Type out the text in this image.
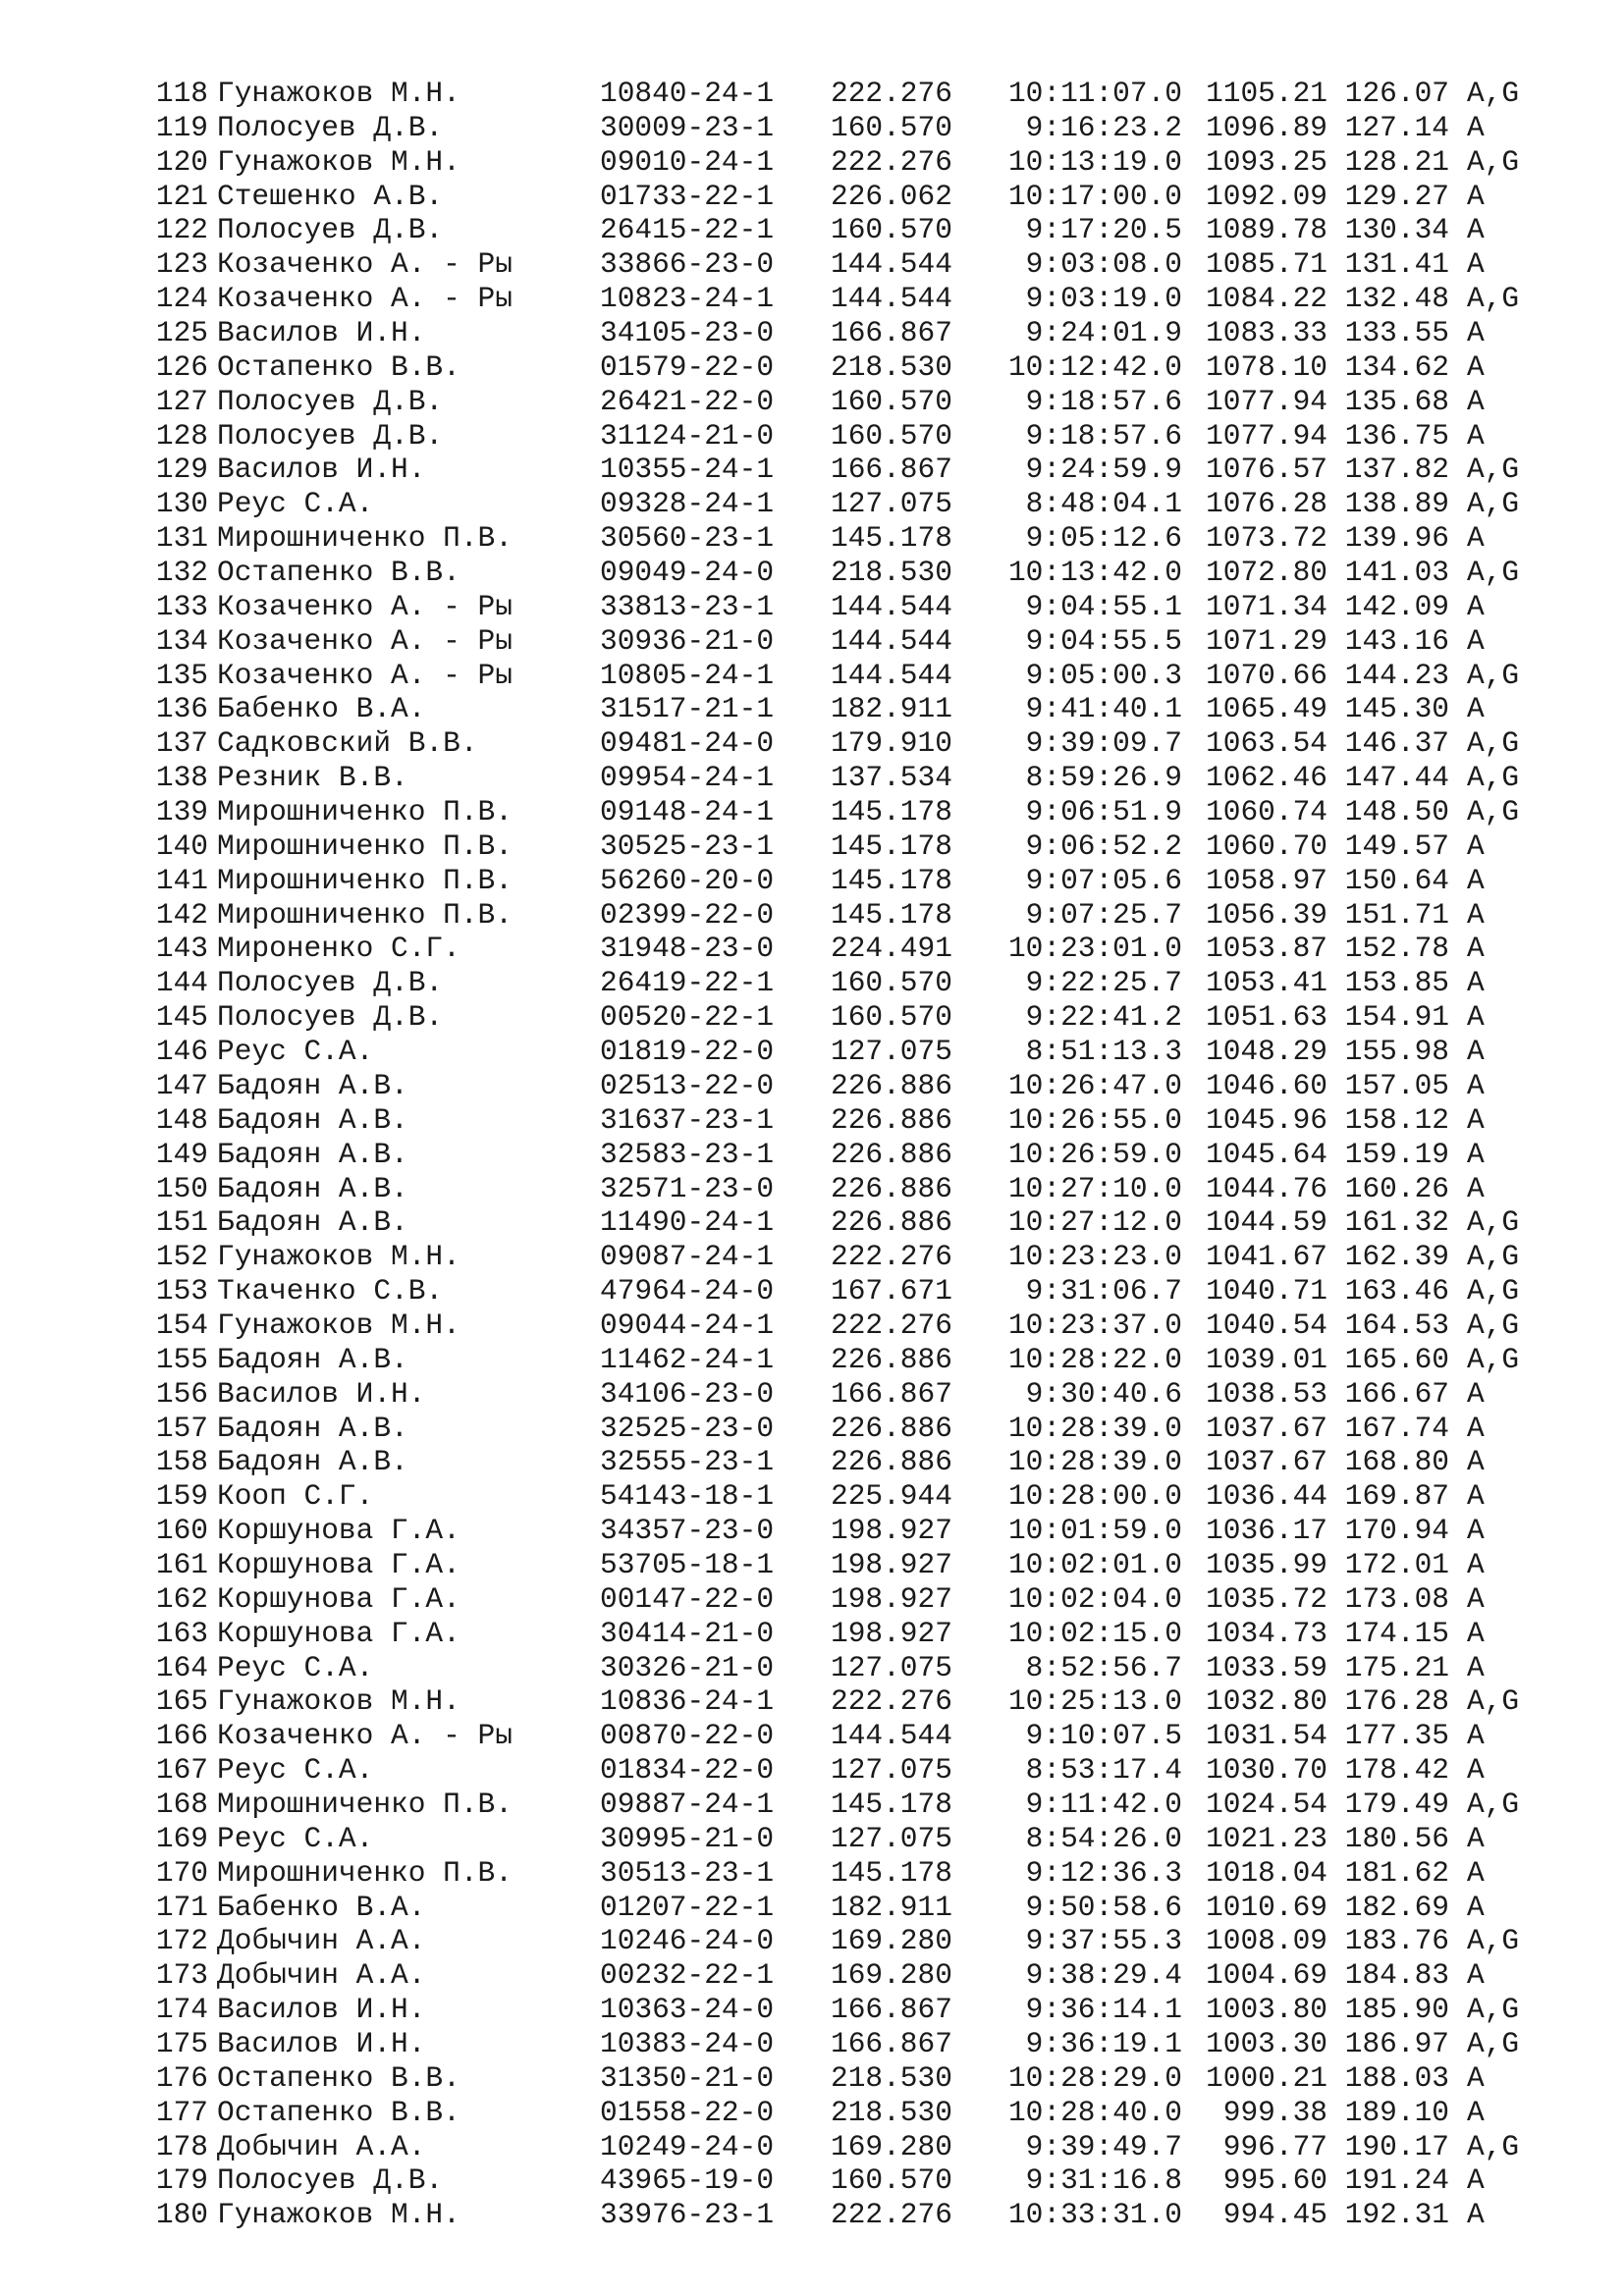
118 Гунажоков М.Н.	10840-24-1 222.276	10:11:07.0 1105.21 126.07 A,G
119 Полосуев Д.В.	30009-23-1 160.570	9:16:23.2 1096.89 127.14 A
120 Гунажоков М.Н.	09010-24-1 222.276	10:13:19.0 1093.25 128.21 A,G
121 Стешенко А.В.	01733-22-1 226.062	10:17:00.0 1092.09 129.27 A
122 Полосуев Д.В.	26415-22-1 160.570	9:17:20.5 1089.78 130.34 A
123 Козаченко А. - Ры	33866-23-0 144.544	9:03:08.0 1085.71 131.41 A
124 Козаченко А. - Ры	10823-24-1 144.544	9:03:19.0 1084.22 132.48 A,G
125 Василов И.Н.	34105-23-0 166.867	9:24:01.9 1083.33 133.55 A
126 Остапенко В.В.	01579-22-0 218.530	10:12:42.0 1078.10 134.62 A
127 Полосуев Д.В.	26421-22-0 160.570	9:18:57.6 1077.94 135.68 A
128 Полосуев Д.В.	31124-21-0 160.570	9:18:57.6 1077.94 136.75 A
129 Василов И.Н.	10355-24-1 166.867	9:24:59.9 1076.57 137.82 A,G
130 Реус С.А.	09328-24-1 127.075	8:48:04.1 1076.28 138.89 A,G
131 Мирошниченко П.В.	30560-23-1 145.178	9:05:12.6 1073.72 139.96 A
132 Остапенко В.В.	09049-24-0 218.530	10:13:42.0 1072.80 141.03 A,G
133 Козаченко А. - Ры	33813-23-1 144.544	9:04:55.1 1071.34 142.09 A
134 Козаченко А. - Ры	30936-21-0 144.544	9:04:55.5 1071.29 143.16 A
135 Козаченко А. - Ры	10805-24-1 144.544	9:05:00.3 1070.66 144.23 A,G
136 Бабенко В.А.	31517-21-1 182.911	9:41:40.1 1065.49 145.30 A
137 Садковский В.В.	09481-24-0 179.910	9:39:09.7 1063.54 146.37 A,G
138 Резник В.В.	09954-24-1 137.534	8:59:26.9 1062.46 147.44 A,G
139 Мирошниченко П.В.	09148-24-1 145.178	9:06:51.9 1060.74 148.50 A,G
140 Мирошниченко П.В.	30525-23-1 145.178	9:06:52.2 1060.70 149.57 A
141 Мирошниченко П.В.	56260-20-0 145.178	9:07:05.6 1058.97 150.64 A
142 Мирошниченко П.В.	02399-22-0 145.178	9:07:25.7 1056.39 151.71 A
143 Мироненко С.Г.	31948-23-0 224.491	10:23:01.0 1053.87 152.78 A
144 Полосуев Д.В.	26419-22-1 160.570	9:22:25.7 1053.41 153.85 A
145 Полосуев Д.В.	00520-22-1 160.570	9:22:41.2 1051.63 154.91 A
146 Реус С.А.	01819-22-0 127.075	8:51:13.3 1048.29 155.98 A
147 Бадоян А.В.	02513-22-0 226.886	10:26:47.0 1046.60 157.05 A
148 Бадоян А.В.	31637-23-1 226.886	10:26:55.0 1045.96 158.12 A
149 Бадоян А.В.	32583-23-1 226.886	10:26:59.0 1045.64 159.19 A
150 Бадоян А.В.	32571-23-0 226.886	10:27:10.0 1044.76 160.26 A
151 Бадоян А.В.	11490-24-1 226.886	10:27:12.0 1044.59 161.32 A,G
152 Гунажоков М.Н.	09087-24-1 222.276	10:23:23.0 1041.67 162.39 A,G
153 Ткаченко С.В.	47964-24-0 167.671	9:31:06.7 1040.71 163.46 A,G
154 Гунажоков М.Н.	09044-24-1 222.276	10:23:37.0 1040.54 164.53 A,G
155 Бадоян А.В.	11462-24-1 226.886	10:28:22.0 1039.01 165.60 A,G
156 Василов И.Н.	34106-23-0 166.867	9:30:40.6 1038.53 166.67 A
157 Бадоян А.В.	32525-23-0 226.886	10:28:39.0 1037.67 167.74 A
158 Бадоян А.В.	32555-23-1 226.886	10:28:39.0 1037.67 168.80 A
159 Кооп С.Г.	54143-18-1 225.944	10:28:00.0 1036.44 169.87 A
160 Коршунова Г.А.	34357-23-0 198.927	10:01:59.0 1036.17 170.94 A
161 Коршунова Г.А.	53705-18-1 198.927	10:02:01.0 1035.99 172.01 A
162 Коршунова Г.А.	00147-22-0 198.927	10:02:04.0 1035.72 173.08 A
163 Коршунова Г.А.	30414-21-0 198.927	10:02:15.0 1034.73 174.15 A
164 Реус С.А.	30326-21-0 127.075	8:52:56.7 1033.59 175.21 A
165 Гунажоков М.Н.	10836-24-1 222.276	10:25:13.0 1032.80 176.28 A,G
166 Козаченко А. - Ры	00870-22-0 144.544	9:10:07.5 1031.54 177.35 A
167 Реус С.А.	01834-22-0 127.075	8:53:17.4 1030.70 178.42 A
168 Мирошниченко П.В.	09887-24-1 145.178	9:11:42.0 1024.54 179.49 A,G
169 Реус С.А.	30995-21-0 127.075	8:54:26.0 1021.23 180.56 A
170 Мирошниченко П.В.	30513-23-1 145.178	9:12:36.3 1018.04 181.62 A
171 Бабенко В.А.	01207-22-1 182.911	9:50:58.6 1010.69 182.69 A
172 Добычин А.А.	10246-24-0 169.280	9:37:55.3 1008.09 183.76 A,G
173 Добычин А.А.	00232-22-1 169.280	9:38:29.4 1004.69 184.83 A
174 Василов И.Н.	10363-24-0 166.867	9:36:14.1 1003.80 185.90 A,G
175 Василов И.Н.	10383-24-0 166.867	9:36:19.1 1003.30 186.97 A,G
176 Остапенко В.В.	31350-21-0 218.530	10:28:29.0 1000.21 188.03 A
177 Остапенко В.В.	01558-22-0 218.530	10:28:40.0	999.38 189.10 A
178 Добычин А.А.	10249-24-0 169.280	9:39:49.7	996.77 190.17 A,G
179 Полосуев Д.В.	43965-19-0 160.570	9:31:16.8	995.60 191.24 A
180 Гунажоков М.Н.	33976-23-1 222.276	10:33:31.0	994.45 192.31 A
